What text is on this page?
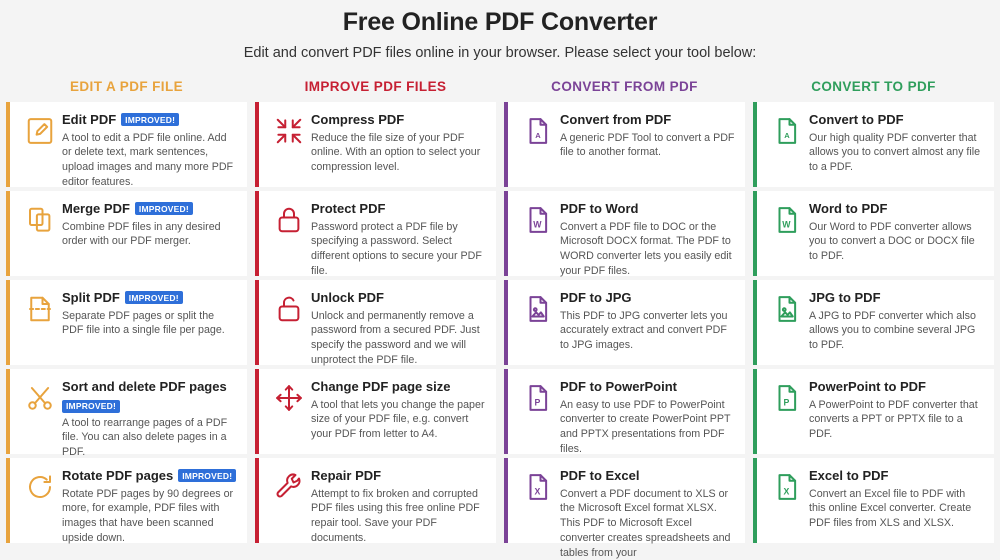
Free Online PDF Converter
Edit and convert PDF files online in your browser. Please select your tool below:
EDIT A PDF FILE
Edit PDF	IMPROVED!
A tool to edit a PDF file online. Add or delete text, mark sentences, upload images and many more PDF editor features.
Merge PDF	IMPROVED!
Combine PDF files in any desired order with our PDF merger.
Split PDF	IMPROVED!
Separate PDF pages or split the PDF file into a single file per page.
Sort and delete PDF pages
IMPROVED!
A tool to rearrange pages of a PDF file. You can also delete pages in a PDF.
Rotate PDF pages	IMPROVED!
Rotate PDF pages by 90 degrees or more, for example, PDF files with images that have been scanned upside down.
IMPROVE PDF FILES
Compress PDF
Reduce the file size of your PDF online. With an option to select your compression level.
Protect PDF
Password protect a PDF file by specifying a password. Select different options to secure your PDF file.
Unlock PDF
Unlock and permanently remove a password from a secured PDF. Just specify the password and we will unprotect the PDF file.
Change PDF page size
A tool that lets you change the paper size of your PDF file, e.g. convert your PDF from letter to A4.
Repair PDF
Attempt to fix broken and corrupted PDF files using this free online PDF repair tool. Save your PDF documents.
CONVERT FROM PDF
A
Convert from PDF
A generic PDF Tool to convert a PDF file to another format.
W
PDF to Word
Convert a PDF file to DOC or the Microsoft DOCX format. The PDF to WORD converter lets you easily edit your PDF files.
PDF to JPG
This PDF to JPG converter lets you accurately extract and convert PDF to JPG images.
P
PDF to PowerPoint
An easy to use PDF to PowerPoint converter to create PowerPoint PPT and PPTX presentations from PDF files.
X
PDF to Excel
Convert a PDF document to XLS or the Microsoft Excel format XLSX. This PDF to Microsoft Excel converter creates spreadsheets and tables from your
CONVERT TO PDF
A
Convert to PDF
Our high quality PDF converter that allows you to convert almost any file to a PDF.
W
Word to PDF
Our Word to PDF converter allows you to convert a DOC or DOCX file to PDF.
JPG to PDF
A JPG to PDF converter which also allows you to combine several JPG to PDF.
P
PowerPoint to PDF
A PowerPoint to PDF converter that converts a PPT or PPTX file to a PDF.
X
Excel to PDF
Convert an Excel file to PDF with this online Excel converter. Create PDF files from XLS and XLSX.
